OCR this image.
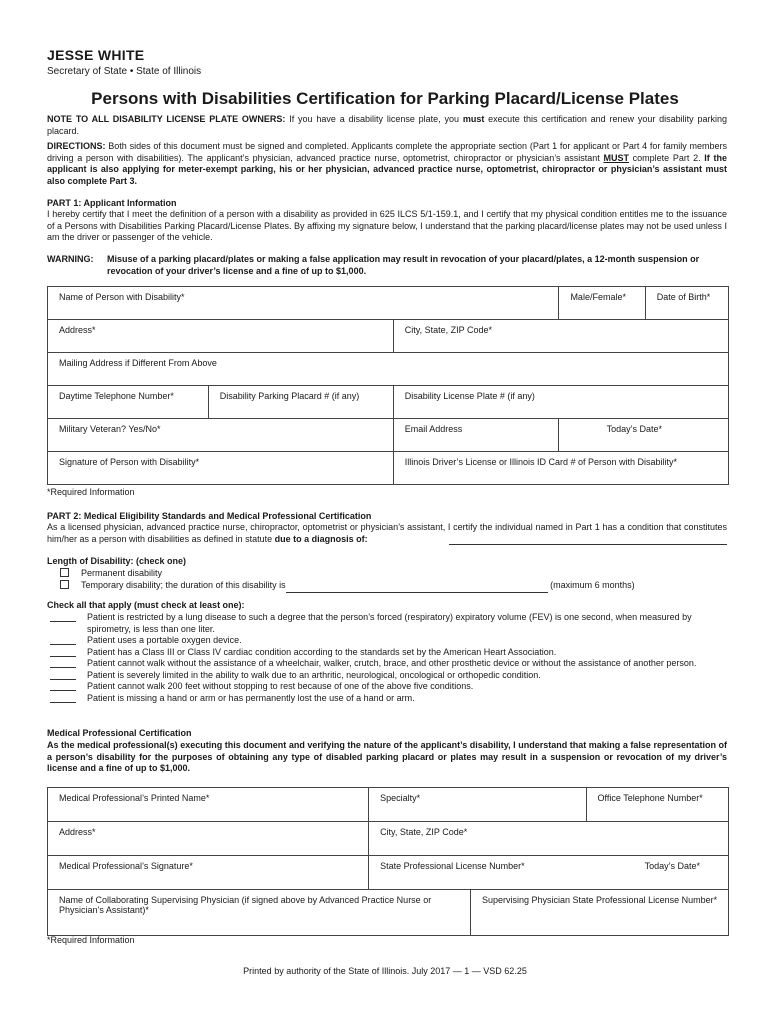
JESSE WHITE
Secretary of State • State of Illinois
Persons with Disabilities Certification for Parking Placard/License Plates
NOTE TO ALL DISABILITY LICENSE PLATE OWNERS: If you have a disability license plate, you must execute this certification and renew your disability parking placard.
DIRECTIONS: Both sides of this document must be signed and completed. Applicants complete the appropriate section (Part 1 for applicant or Part 4 for family members driving a person with disabilities). The applicant’s physician, advanced practice nurse, optometrist, chiropractor or physician’s assistant MUST complete Part 2. If the applicant is also applying for meter-exempt parking, his or her physician, advanced practice nurse, optometrist, chiropractor or physician’s assistant must also complete Part 3.
PART 1: Applicant Information
I hereby certify that I meet the definition of a person with a disability as provided in 625 ILCS 5/1-159.1, and I certify that my physical condition entitles me to the issuance of a Persons with Disabilities Parking Placard/License Plates. By affixing my signature below, I understand that the parking placard/license plates may not be used unless I am the driver or passenger of the vehicle.
WARNING:	Misuse of a parking placard/plates or making a false application may result in revocation of your placard/plates, a 12-month suspension or revocation of your driver’s license and a fine of up to $1,000.
Name of Person with Disability*			Male/Female*	Date of Birth*
Address*		City, State, ZIP Code*		
Mailing Address if Different From Above				
Daytime Telephone Number*	Disability Parking Placard # (if any)	Disability License Plate # (if any)		
Military Veteran? Yes/No*		Email Address	Today’s Date*	

Signature of Person with Disability*		Illinois Driver’s License or Illinois ID Card # of Person with Disability*		
*Required Information
PART 2: Medical Eligibility Standards and Medical Professional Certification
As a licensed physician, advanced practice nurse, chiropractor, optometrist or physician’s assistant, I certify the individual named in Part 1 has a condition that constitutes him/her as a person with disabilities as defined in statute due to a diagnosis of:
Length of Disability: (check one)
Permanent disability
Temporary disability; the duration of this disability is	(maximum 6 months)
Check all that apply (must check at least one):
Patient is restricted by a lung disease to such a degree that the person’s forced (respiratory) expiratory volume (FEV) is one second, when measured by spirometry, is less than one liter.
Patient uses a portable oxygen device.
Patient has a Class III or Class IV cardiac condition according to the standards set by the American Heart Association.
Patient cannot walk without the assistance of a wheelchair, walker, crutch, brace, and other prosthetic device or without the assistance of another person.
Patient is severely limited in the ability to walk due to an arthritic, neurological, oncological or orthopedic condition.
Patient cannot walk 200 feet without stopping to rest because of one of the above five conditions.
Patient is missing a hand or arm or has permanently lost the use of a hand or arm.
Medical Professional Certification
As the medical professional(s) executing this document and verifying the nature of the applicant’s disability, I understand that making a false representation of a person’s disability for the purposes of obtaining any type of disabled parking placard or plates may result in a suspension or revocation of my driver’s license and a fine of up to $1,000.
Medical Professional’s Printed Name*	Specialty*		Office Telephone Number*
Address*	City, State, ZIP Code*		
Medical Professional’s Signature*	State Professional License Number* Today’s Date*		

Name of Collaborating Supervising Physician (if signed above by Advanced Practice Nurse or Physician’s Assistant)*		Supervising Physician State Professional License Number*	
*Required Information
Printed by authority of the State of Illinois. July 2017 — 1 — VSD 62.25
